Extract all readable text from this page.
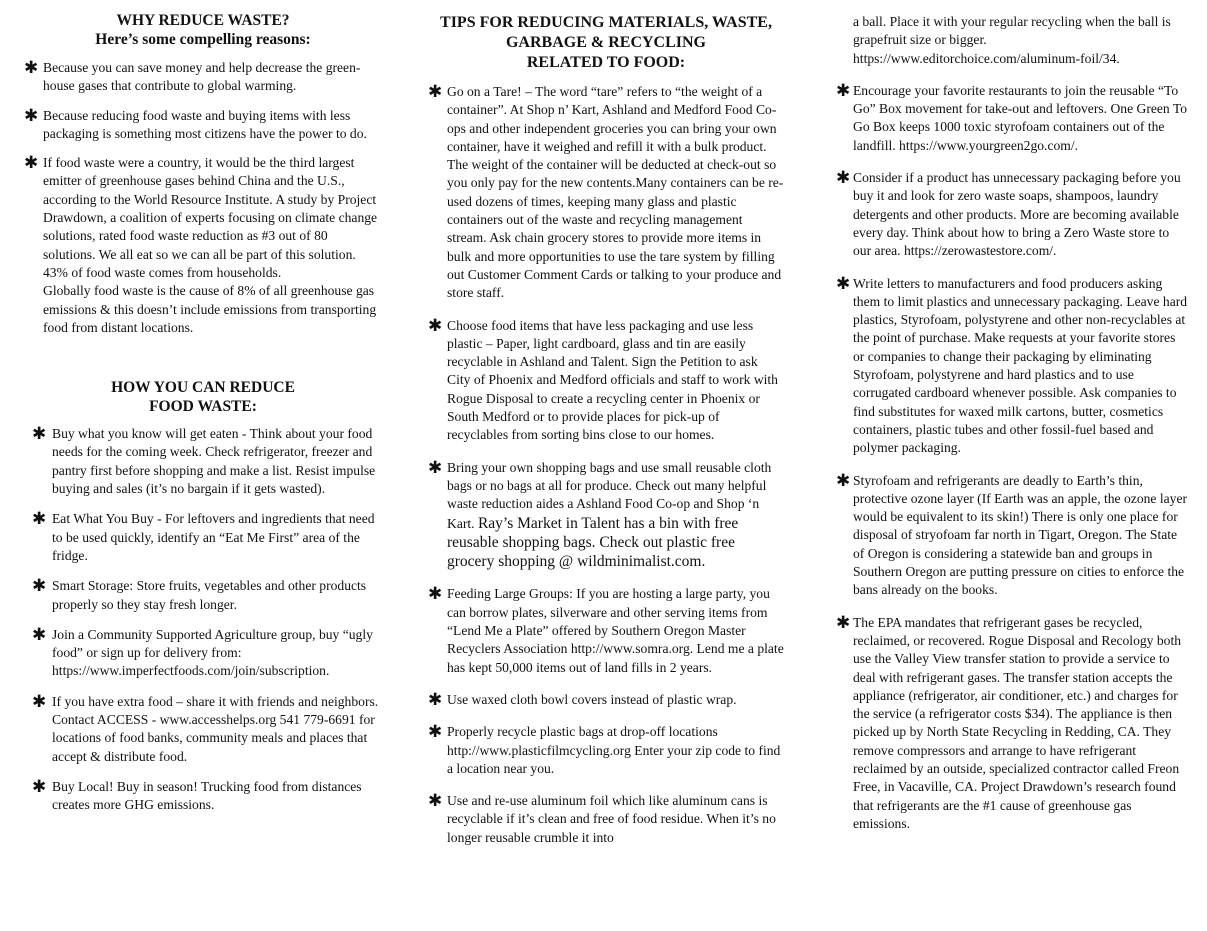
WHY REDUCE WASTE?
Here’s some compelling reasons:
✱ Because you can save money and help decrease the green-house gases that contribute to global warming.

✱ Because reducing food waste and buying items with less packaging is something most citizens have the power to do.

✱ If food waste were a country, it would be the third largest emitter of greenhouse gases behind China and the U.S., according to the World Resource Institute. A study by Project Drawdown, a coalition of experts focusing on climate change solutions, rated food waste reduction as #3 out of 80 solutions. We all eat so we can all be part of this solution. 43% of food waste comes from households.

Globally food waste is the cause of 8% of all greenhouse gas emissions & this doesn’t include emissions from transporting food from distant locations.

HOW YOU CAN REDUCE
FOOD WASTE:
✱ Buy what you know will get eaten - Think about your food needs for the coming week. Check refrigerator, freezer and pantry first before shopping and make a list. Resist impulse buying and sales (it’s no bargain if it gets wasted).

✱ Eat What You Buy - For leftovers and ingredients that need to be used quickly, identify an “Eat Me First” area of the fridge.

✱ Smart Storage: Store fruits, vegetables and other products properly so they stay fresh longer.

✱ Join a Community Supported Agriculture group, buy “ugly food” or sign up for delivery from: https://www.imperfectfoods.com/join/subscription.

✱ If you have extra food – share it with friends and neighbors. Contact ACCESS - www.accesshelps.org 541 779-6691 for locations of food banks, community meals and places that accept & distribute food.

✱ Buy Local! Buy in season! Trucking food from distances creates more GHG emissions.

TIPS FOR REDUCING MATERIALS, WASTE,
GARBAGE & RECYCLING
RELATED TO FOOD:
✱ Go on a Tare! – The word “tare” refers to “the weight of a container”. At Shop n’ Kart, Ashland and Medford Food Co-ops and other independent groceries you can bring your own container, have it weighed and refill it with a bulk product. The weight of the container will be deducted at check-out so you only pay for the new contents.Many containers can be re-used dozens of times, keeping many glass and plastic containers out of the waste and recycling management stream. Ask chain grocery stores to provide more items in bulk and more opportunities to use the tare system by filling out Customer Comment Cards or talking to your produce and store staff.

✱ Choose food items that have less packaging and use less plastic – Paper, light cardboard, glass and tin are easily recyclable in Ashland and Talent. Sign the Petition to ask City of Phoenix and Medford officials and staff to work with Rogue Disposal to create a recycling center in Phoenix or South Medford or to provide places for pick-up of recyclables from sorting bins close to our homes.

✱ Bring your own shopping bags and use small reusable cloth bags or no bags at all for produce. Check out many helpful waste reduction aides a Ashland Food Co-op and Shop ‘n Kart. Ray’s Market in Talent has a bin with free reusable shopping bags. Check out plastic free grocery shopping @ wildminimalist.com.

✱ Feeding Large Groups: If you are hosting a large party, you can borrow plates, silverware and other serving items from “Lend Me a Plate” offered by Southern Oregon Master Recyclers Association http://www.somra.org. Lend me a plate has kept 50,000 items out of land fills in 2 years.

✱ Use waxed cloth bowl covers instead of plastic wrap.

✱ Properly recycle plastic bags at drop-off locations http://www.plasticfilmcycling.org Enter your zip code to find a location near you.

✱ Use and re-use aluminum foil which like aluminum cans is recyclable if it’s clean and free of food residue. When it’s no longer reusable crumble it into

a ball. Place it with your regular recycling when the ball is grapefruit size or bigger. https://www.editorchoice.com/aluminum-foil/34.

✱ Encourage your favorite restaurants to join the reusable “To Go” Box movement for take-out and leftovers. One Green To Go Box keeps 1000 toxic styrofoam containers out of the landfill. https://www.yourgreen2go.com/.

✱ Consider if a product has unnecessary packaging before you buy it and look for zero waste soaps, shampoos, laundry detergents and other products. More are becoming available every day. Think about how to bring a Zero Waste store to our area. https://zerowastestore.com/.

✱ Write letters to manufacturers and food producers asking them to limit plastics and unnecessary packaging. Leave hard plastics, Styrofoam, polystyrene and other non-recyclables at the point of purchase. Make requests at your favorite stores or companies to change their packaging by eliminating Styrofoam, polystyrene and hard plastics and to use corrugated cardboard whenever possible. Ask companies to find substitutes for waxed milk cartons, butter, cosmetics containers, plastic tubes and other fossil-fuel based and polymer packaging.

✱ Styrofoam and refrigerants are deadly to Earth’s thin, protective ozone layer (If Earth was an apple, the ozone layer would be equivalent to its skin!) There is only one place for disposal of stryofoam far north in Tigart, Oregon. The State of Oregon is considering a statewide ban and groups in Southern Oregon are putting pressure on cities to enforce the bans already on the books.

✱ The EPA mandates that refrigerant gases be recycled, reclaimed, or recovered. Rogue Disposal and Recology both use the Valley View transfer station to provide a service to deal with refrigerant gases. The transfer station accepts the appliance (refrigerator, air conditioner, etc.) and charges for the service (a refrigerator costs $34). The appliance is then picked up by North State Recycling in Redding, CA. They remove compressors and arrange to have refrigerant reclaimed by an outside, specialized contractor called Freon Free, in Vacaville, CA. Project Drawdown’s research found that refrigerants are the #1 cause of greenhouse gas emissions.
